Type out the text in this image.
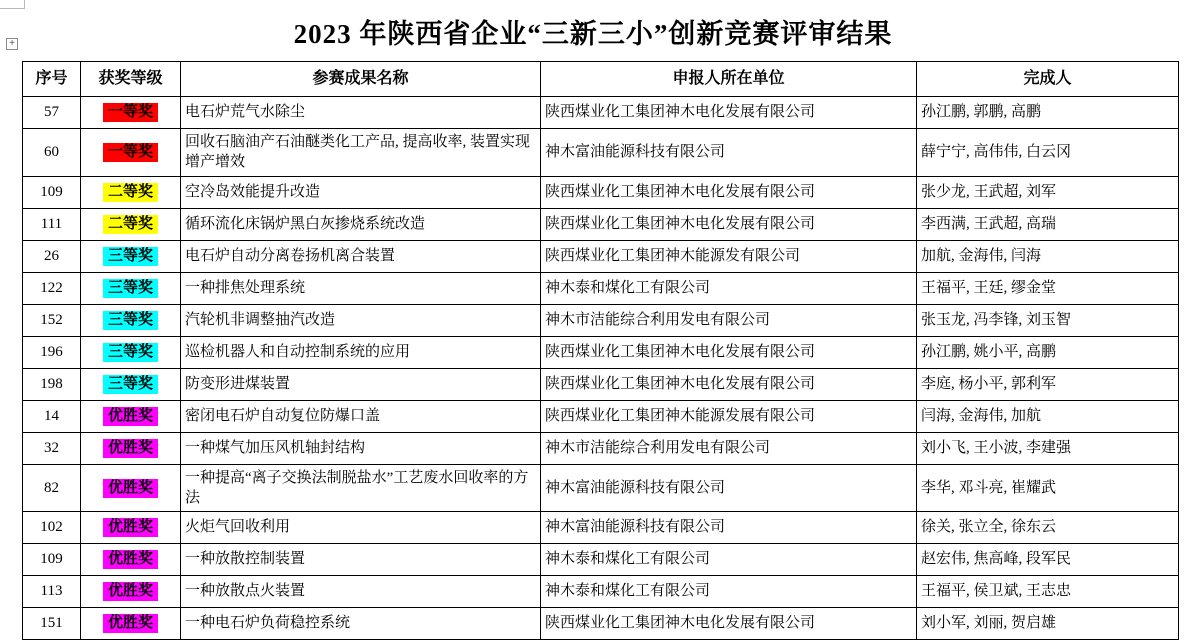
+
2023 年陕西省企业“三新三小”创新竞赛评审结果
序号	获奖等级	参赛成果名称	申报人所在单位	完成人
57	一等奖	电石炉荒气水除尘	陕西煤业化工集团神木电化发展有限公司	孙江鹏, 郭鹏, 高鹏
60	一等奖	回收石脑油产石油醚类化工产品, 提高收率, 装置实现增产增效	神木富油能源科技有限公司	薛宁宁, 高伟伟, 白云冈
109	二等奖	空冷岛效能提升改造	陕西煤业化工集团神木电化发展有限公司	张少龙, 王武超, 刘军
111	二等奖	循环流化床锅炉黑白灰掺烧系统改造	陕西煤业化工集团神木电化发展有限公司	李西满, 王武超, 高瑞
26	三等奖	电石炉自动分离卷扬机离合装置	陕西煤业化工集团神木能源发有限公司	加航, 金海伟, 闫海
122	三等奖	一种排焦处理系统	神木泰和煤化工有限公司	王福平, 王廷, 缪金堂
152	三等奖	汽轮机非调整抽汽改造	神木市洁能综合利用发电有限公司	张玉龙, 冯李锋, 刘玉智
196	三等奖	巡检机器人和自动控制系统的应用	陕西煤业化工集团神木电化发展有限公司	孙江鹏, 姚小平, 高鹏
198	三等奖	防变形进煤装置	陕西煤业化工集团神木电化发展有限公司	李庭, 杨小平, 郭利军
14	优胜奖	密闭电石炉自动复位防爆口盖	陕西煤业化工集团神木能源发展有限公司	闫海, 金海伟, 加航
32	优胜奖	一种煤气加压风机轴封结构	神木市洁能综合利用发电有限公司	刘小飞, 王小波, 李建强
82	优胜奖	一种提高“离子交换法制脱盐水”工艺废水回收率的方法	神木富油能源科技有限公司	李华, 邓斗亮, 崔耀武
102	优胜奖	火炬气回收利用	神木富油能源科技有限公司	徐关, 张立全, 徐东云
109	优胜奖	一种放散控制装置	神木泰和煤化工有限公司	赵宏伟, 焦高峰, 段军民
113	优胜奖	一种放散点火装置	神木泰和煤化工有限公司	王福平, 侯卫斌, 王志忠
151	优胜奖	一种电石炉负荷稳控系统	陕西煤业化工集团神木电化发展有限公司	刘小军, 刘丽, 贺启雄
